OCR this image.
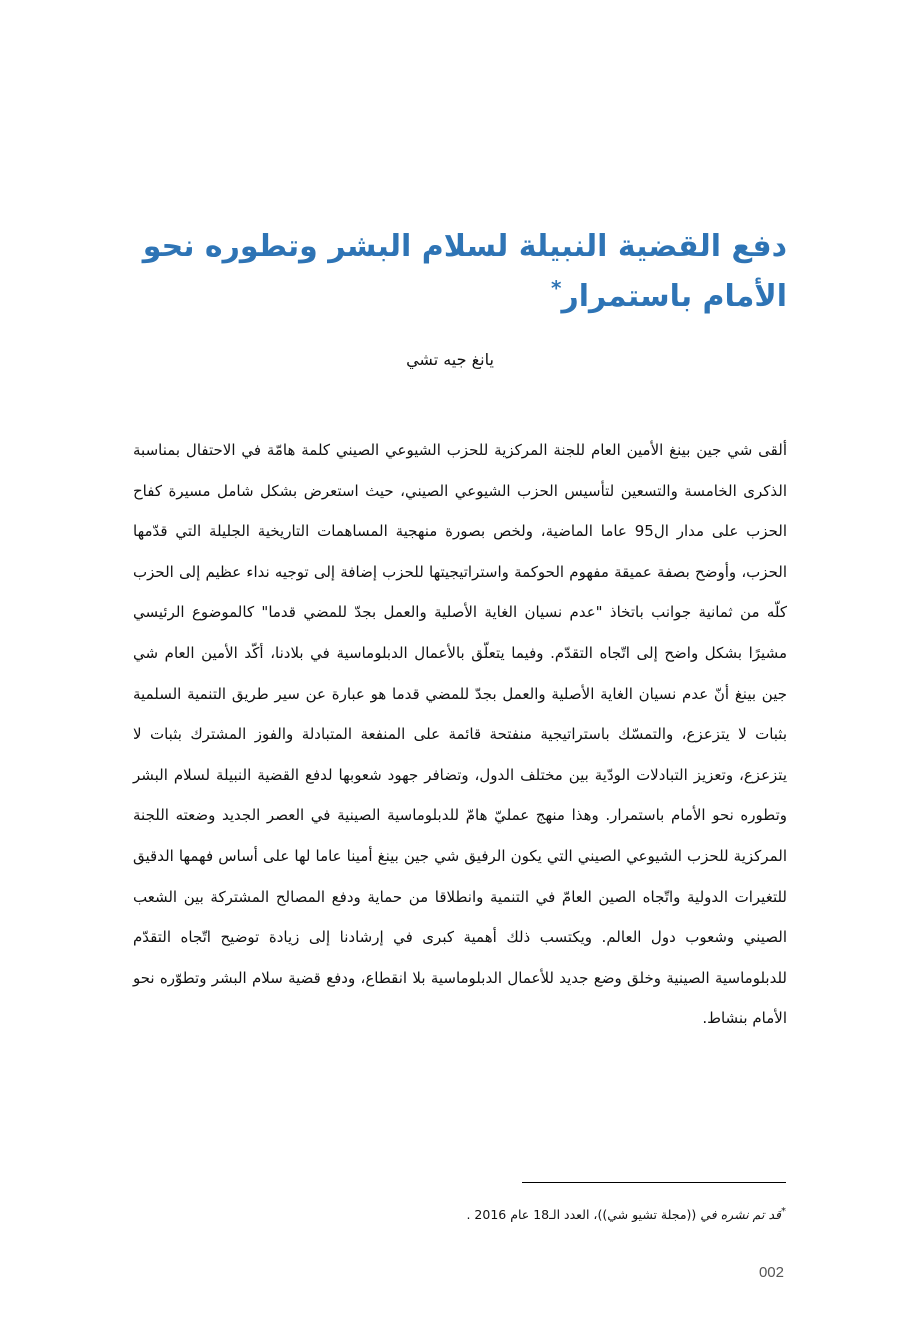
دفع القضية النبيلة لسلام البشر وتطوره نحو الأمام باستمرار*
يانغ جيه تشي

ألقى شي جين بينغ الأمين العام للجنة المركزية للحزب الشيوعي الصيني كلمة هامّة في الاحتفال بمناسبة الذكرى الخامسة والتسعين لتأسيس الحزب الشيوعي الصيني، حيث استعرض بشكل شامل مسيرة كفاح الحزب على مدار ال95 عاما الماضية، ولخص بصورة منهجية المساهمات التاريخية الجليلة التي قدّمها الحزب، وأوضح بصفة عميقة مفهوم الحوكمة واستراتيجيتها للحزب إضافة إلى توجيه نداء عظيم إلى الحزب كلّه من ثمانية جوانب باتخاذ "عدم نسيان الغاية الأصلية والعمل بجدّ للمضي قدما" كالموضوع الرئيسي مشيرًا بشكل واضح إلى اتّجاه التقدّم. وفيما يتعلّق بالأعمال الدبلوماسية في بلادنا، أكّد الأمين العام شي جين بينغ أنّ عدم نسيان الغاية الأصلية والعمل بجدّ للمضي قدما هو عبارة عن سير طريق التنمية السلمية بثبات لا يتزعزع، والتمسّك باستراتيجية منفتحة قائمة على المنفعة المتبادلة والفوز المشترك بثبات لا يتزعزع، وتعزيز التبادلات الودّية بين مختلف الدول، وتضافر جهود شعوبها لدفع القضية النبيلة لسلام البشر وتطوره نحو الأمام باستمرار. وهذا منهج عمليّ هامّ للدبلوماسية الصينية في العصر الجديد وضعته اللجنة المركزية للحزب الشيوعي الصيني التي يكون الرفيق شي جين بينغ أمينا عاما لها على أساس فهمها الدقيق للتغيرات الدولية واتّجاه الصين العامّ في التنمية وانطلاقا من حماية ودفع المصالح المشتركة بين الشعب الصيني وشعوب دول العالم. ويكتسب ذلك أهمية كبرى في إرشادنا إلى زيادة توضيح اتّجاه التقدّم للدبلوماسية الصينية وخلق وضع جديد للأعمال الدبلوماسية بلا انقطاع، ودفع قضية سلام البشر وتطوّره نحو الأمام بنشاط.

*قد تم نشره في ((مجلة تشيو شي))، العدد الـ18 عام 2016 .
002
